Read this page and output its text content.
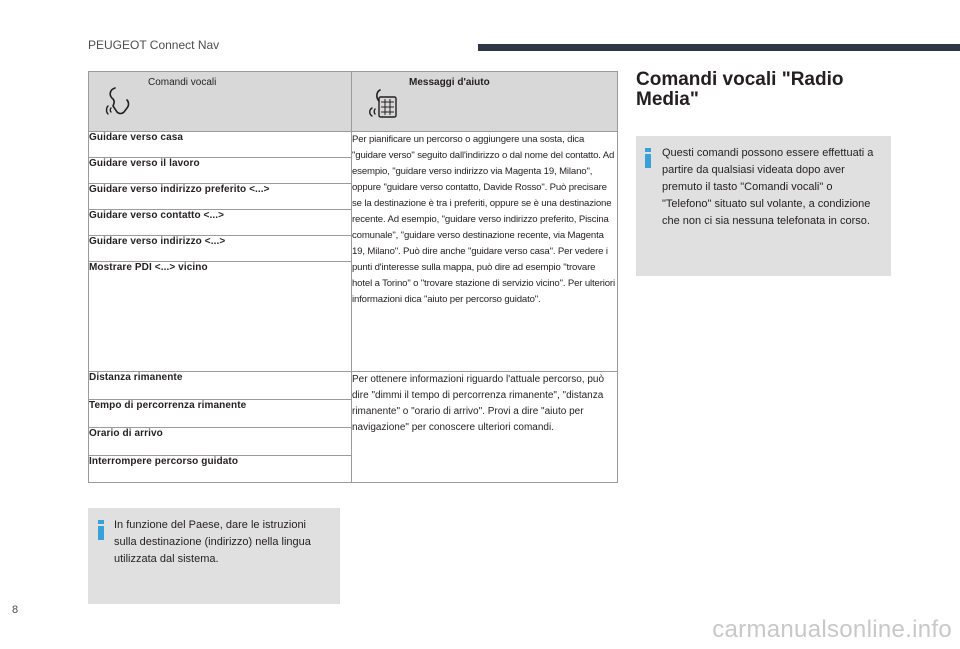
PEUGEOT Connect Nav
Comandi vocali	Messaggi d'aiuto

Guidare verso casa	Per pianificare un percorso o aggiungere una sosta, dica "guidare verso" seguito dall'indirizzo o dal nome del contatto. Ad esempio, "guidare verso indirizzo via Magenta 19, Milano", oppure "guidare verso contatto, Davide Rosso". Può precisare se la destinazione è tra i preferiti, oppure se è una destinazione recente. Ad esempio, "guidare verso indirizzo preferito, Piscina comunale", "guidare verso destinazione recente, via Magenta 19, Milano". Può dire anche "guidare verso casa". Per vedere i punti d'interesse sulla mappa, può dire ad esempio "trovare hotel a Torino" o "trovare stazione di servizio vicino". Per ulteriori informazioni dica "aiuto per percorso guidato".
Guidare verso il lavoro	
Guidare verso indirizzo preferito <...>	
Guidare verso contatto <...>	
Guidare verso indirizzo <...>	
Mostrare PDI <...> vicino	
Distanza rimanente	Per ottenere informazioni riguardo l'attuale percorso, può dire "dimmi il tempo di percorrenza rimanente", "distanza rimanente" o "orario di arrivo". Provi a dire "aiuto per navigazione" per conoscere ulteriori comandi.
Tempo di percorrenza rimanente	
Orario di arrivo	
Interrompere percorso guidato	
In funzione del Paese, dare le istruzioni sulla destinazione (indirizzo) nella lingua utilizzata dal sistema.
Comandi vocali "Radio Media"
Questi comandi possono essere effettuati a partire da qualsiasi videata dopo aver premuto il tasto "Comandi vocali" o "Telefono" situato sul volante, a condizione che non ci sia nessuna telefonata in corso.
8
carmanualsonline.info
